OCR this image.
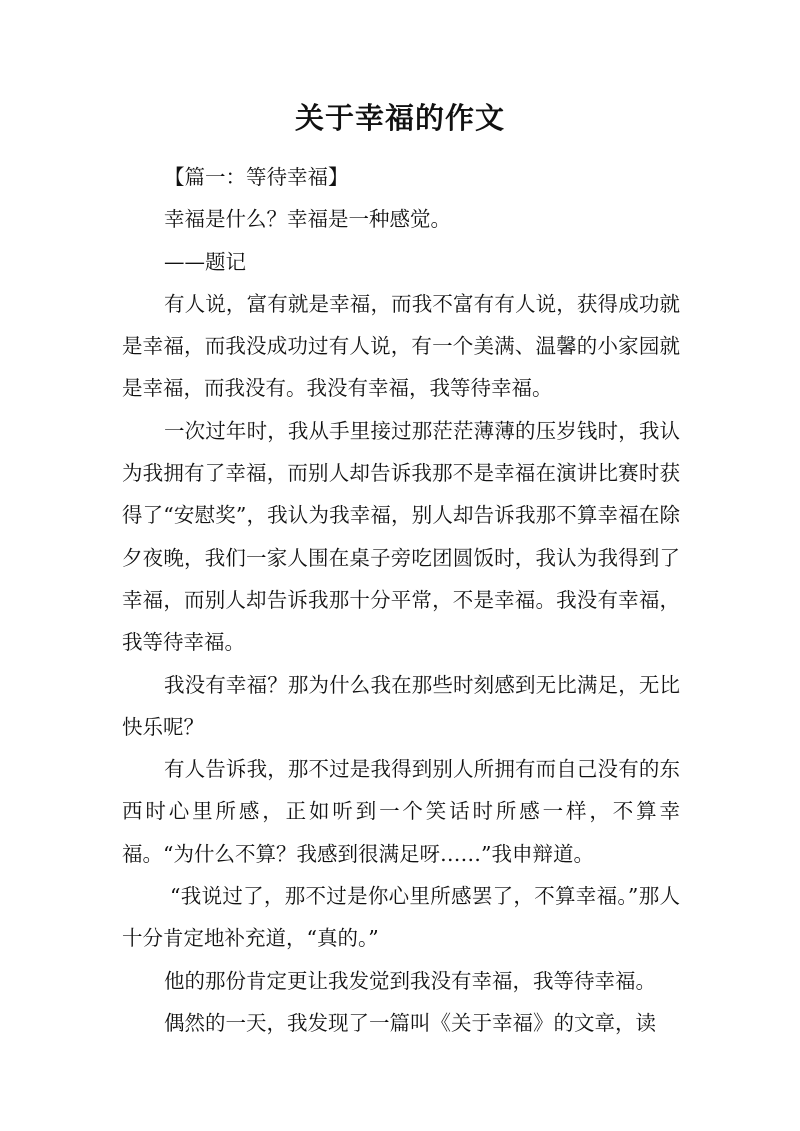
关于幸福的作文

【篇一：等待幸福】

幸福是什么？幸福是一种感觉。

——题记

有人说，富有就是幸福，而我不富有有人说，获得成功就是幸福，而我没成功过有人说，有一个美满、温馨的小家园就是幸福，而我没有。我没有幸福，我等待幸福。

一次过年时，我从手里接过那茫茫薄薄的压岁钱时，我认为我拥有了幸福，而别人却告诉我那不是幸福在演讲比赛时获得了“安慰奖”，我认为我幸福，别人却告诉我那不算幸福在除夕夜晚，我们一家人围在桌子旁吃团圆饭时，我认为我得到了幸福，而别人却告诉我那十分平常，不是幸福。我没有幸福，我等待幸福。

我没有幸福？那为什么我在那些时刻感到无比满足，无比快乐呢？

有人告诉我，那不过是我得到别人所拥有而自己没有的东西时心里所感，正如听到一个笑话时所感一样，不算幸福。“为什么不算？我感到很满足呀……”我申辩道。

“我说过了，那不过是你心里所感罢了，不算幸福。”那人十分肯定地补充道，“真的。”

他的那份肯定更让我发觉到我没有幸福，我等待幸福。

偶然的一天，我发现了一篇叫《关于幸福》的文章，读
